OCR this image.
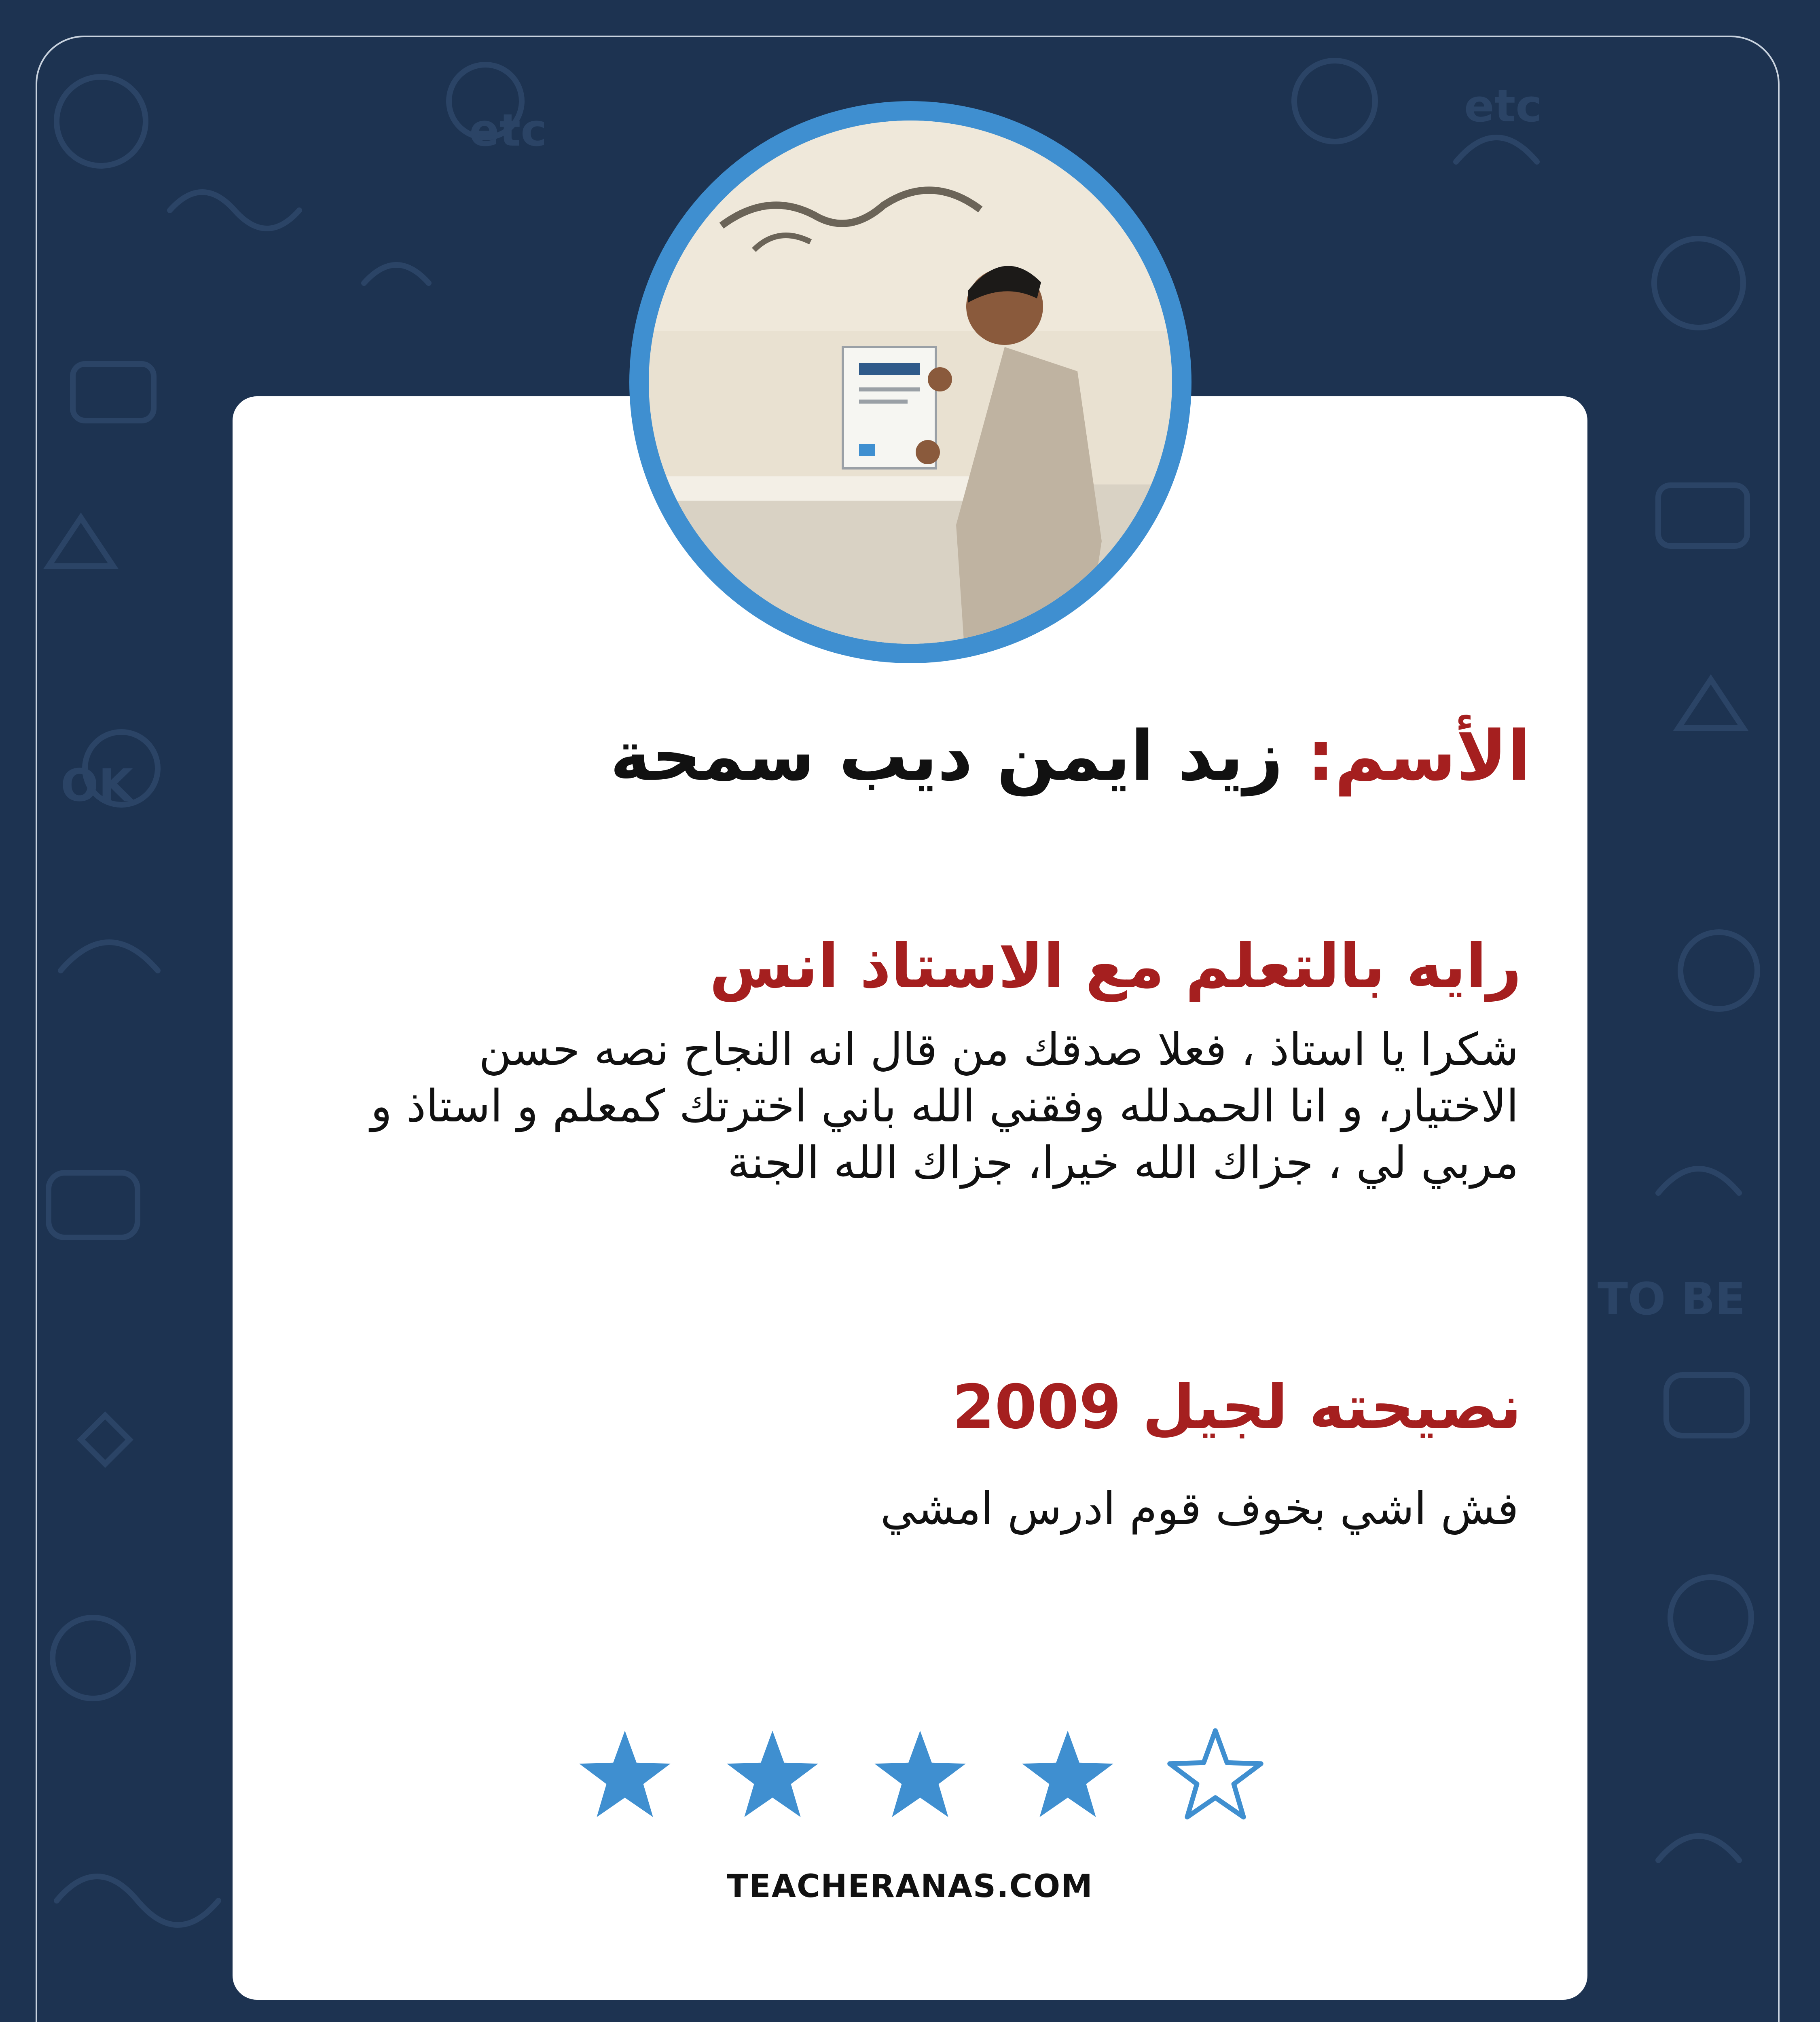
etc	etc
OK
TO BE
الأسم: زيد ايمن ديب سمحة
رايه بالتعلم مع الاستاذ انس
شكرا يا استاذ ، فعلا صدقك من قال انه النجاح نصه حسن الاختيار، و انا الحمدلله وفقني الله باني اخترتك كمعلم و استاذ و مربي لي ، جزاك الله خيرا، جزاك الله الجنة
نصيحته لجيل 2009
فش اشي بخوف قوم ادرس امشي
TEACHERANAS.COM
